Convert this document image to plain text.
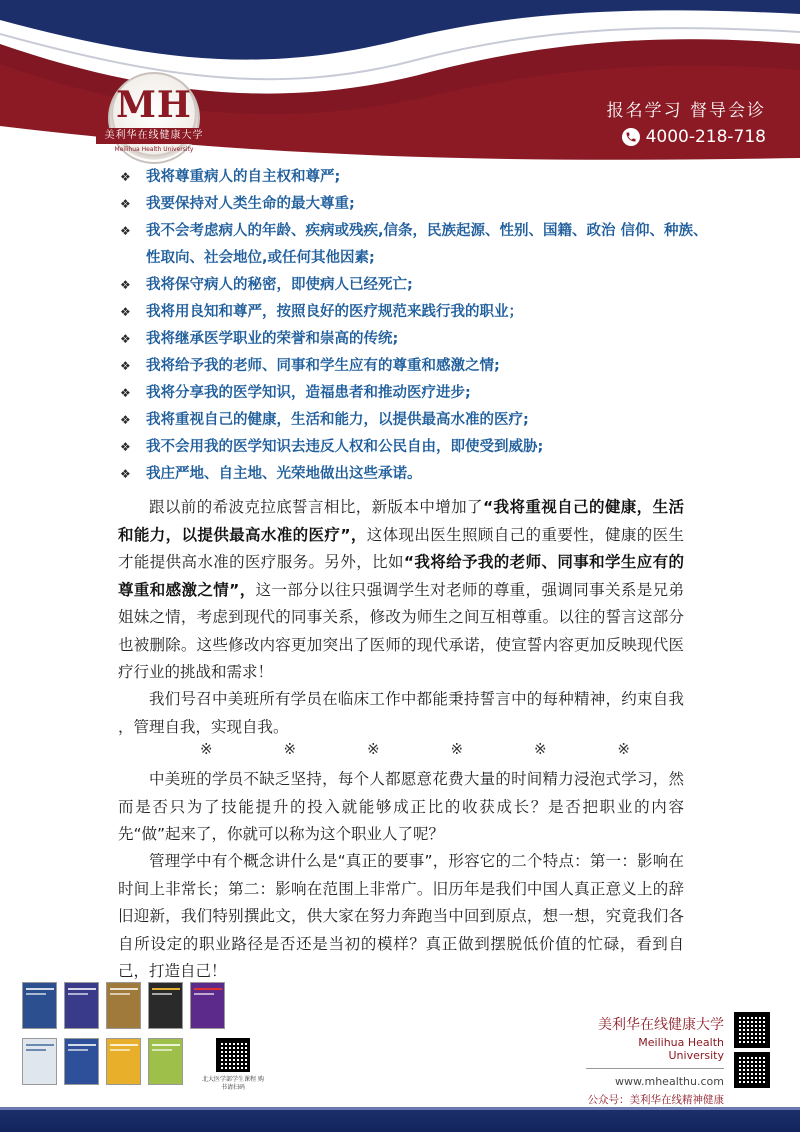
MH
美利华在线健康大学
Meilihua Health University
报名学习 督导会诊
4000-218-718
❖ 我将尊重病人的自主权和尊严;
❖ 我要保持对人类生命的最大尊重;
❖ 我不会考虑病人的年龄、疾病或残疾,信条，民族起源、性别、国籍、政治 信仰、种族、性取向、社会地位,或任何其他因素;
❖ 我将保守病人的秘密，即使病人已经死亡;
❖ 我将用良知和尊严，按照良好的医疗规范来践行我的职业；
❖ 我将继承医学职业的荣誉和崇高的传统;
❖ 我将给予我的老师、同事和学生应有的尊重和感激之情;
❖ 我将分享我的医学知识，造福患者和推动医疗进步;
❖ 我将重视自己的健康，生活和能力，以提供最高水准的医疗;
❖ 我不会用我的医学知识去违反人权和公民自由，即使受到威胁;
❖ 我庄严地、自主地、光荣地做出这些承诺。

跟以前的希波克拉底誓言相比，新版本中增加了“我将重视自己的健康，生活和能力，以提供最高水准的医疗”，这体现出医生照顾自己的重要性，健康的医生才能提供高水准的医疗服务。另外，比如“我将给予我的老师、同事和学生应有的尊重和感激之情”，这一部分以往只强调学生对老师的尊重，强调同事关系是兄弟姐妹之情，考虑到现代的同事关系，修改为师生之间互相尊重。以往的誓言这部分也被删除。这些修改内容更加突出了医师的现代承诺，使宣誓内容更加反映现代医疗行业的挑战和需求！

我们号召中美班所有学员在临床工作中都能秉持誓言中的每种精神，约束自我 ，管理自我，实现自我。

※	※	※	※	※	※

中美班的学员不缺乏坚持，每个人都愿意花费大量的时间精力浸泡式学习，然而是否只为了技能提升的投入就能够成正比的收获成长？是否把职业的内容先“做”起来了，你就可以称为这个职业人了呢？

管理学中有个概念讲什么是“真正的要事”，形容它的二个特点：第一：影响在时间上非常长；第二：影响在范围上非常广。旧历年是我们中国人真正意义上的辞旧迎新，我们特别撰此文，供大家在努力奔跑当中回到原点，想一想，究竟我们各自所设定的职业路径是否还是当初的模样？真正做到摆脱低价值的忙碌，看到自己，打造自己！

北大医学部学生课程 购书请扫码
美利华在线健康大学
Meilihua Health University
www.mhealthu.com
公众号：美利华在线精神健康
